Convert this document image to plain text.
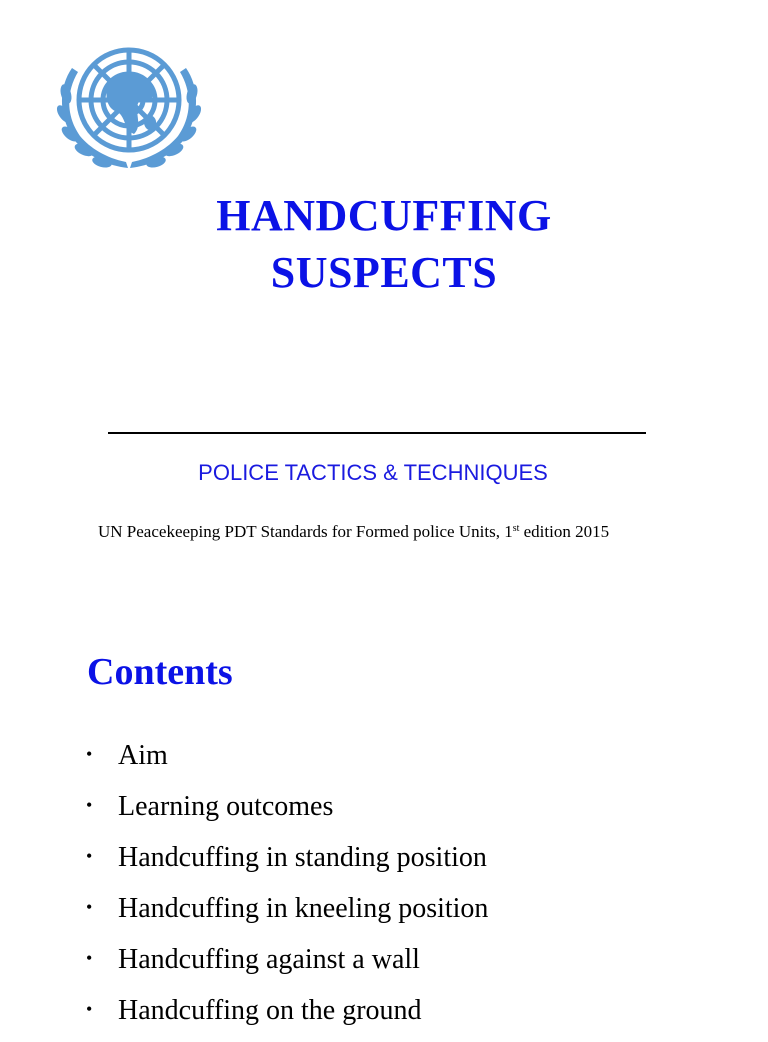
HANDCUFFING
SUSPECTS
POLICE TACTICS & TECHNIQUES
UN Peacekeeping PDT Standards for Formed police Units, 1st edition 2015
Contents
• Aim
• Learning outcomes
• Handcuffing in standing position
• Handcuffing in kneeling position
• Handcuffing against a wall
• Handcuffing on the ground
